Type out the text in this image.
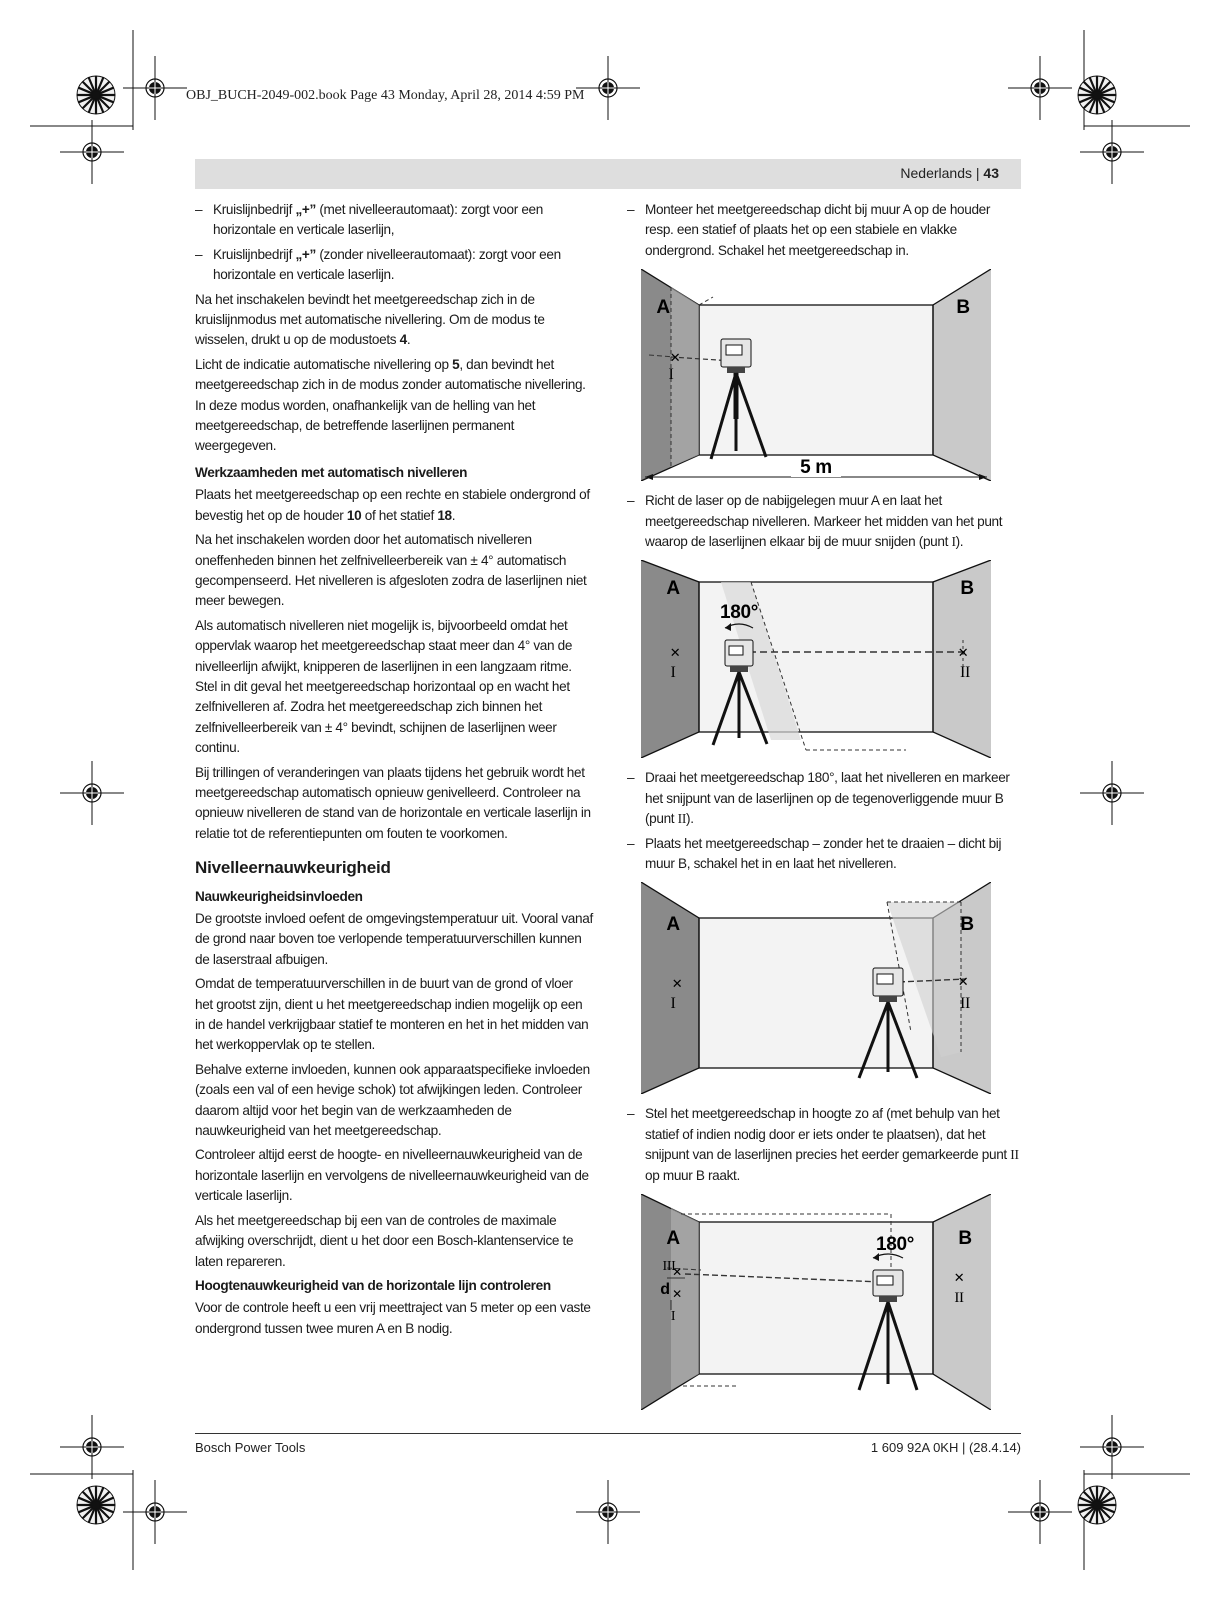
OBJ_BUCH-2049-002.book Page 43 Monday, April 28, 2014 4:59 PM
Nederlands | 43

– Kruislijnbedrijf „+” (met nivelleerautomaat): zorgt voor een horizontale en verticale laserlijn,

– Kruislijnbedrijf „+” (zonder nivelleerautomaat): zorgt voor een horizontale en verticale laserlijn.

Na het inschakelen bevindt het meetgereedschap zich in de kruislijnmodus met automatische nivellering. Om de modus te wisselen, drukt u op de modustoets 4.

Licht de indicatie automatische nivellering op 5, dan bevindt het meetgereedschap zich in de modus zonder automatische nivellering. In deze modus worden, onafhankelijk van de helling van het meetgereedschap, de betreffende laserlijnen permanent weergegeven.

Werkzaamheden met automatisch nivelleren

Plaats het meetgereedschap op een rechte en stabiele ondergrond of bevestig het op de houder 10 of het statief 18.

Na het inschakelen worden door het automatisch nivelleren oneffenheden binnen het zelfnivelleerbereik van ± 4° automatisch gecompenseerd. Het nivelleren is afgesloten zodra de laserlijnen niet meer bewegen.

Als automatisch nivelleren niet mogelijk is, bijvoorbeeld omdat het oppervlak waarop het meetgereedschap staat meer dan 4° van de nivelleerlijn afwijkt, knipperen de laserlijnen in een langzaam ritme. Stel in dit geval het meetgereedschap horizontaal op en wacht het zelfnivelleren af. Zodra het meetgereedschap zich binnen het zelfnivelleerbereik van ± 4° bevindt, schijnen de laserlijnen weer continu.

Bij trillingen of veranderingen van plaats tijdens het gebruik wordt het meetgereedschap automatisch opnieuw genivelleerd. Controleer na opnieuw nivelleren de stand van de horizontale en verticale laserlijn in relatie tot de referentiepunten om fouten te voorkomen.

Nivelleernauwkeurigheid
Nauwkeurigheidsinvloeden

De grootste invloed oefent de omgevingstemperatuur uit. Vooral vanaf de grond naar boven toe verlopende temperatuurverschillen kunnen de laserstraal afbuigen.

Omdat de temperatuurverschillen in de buurt van de grond of vloer het grootst zijn, dient u het meetgereedschap indien mogelijk op een in de handel verkrijgbaar statief te monteren en het in het midden van het werkoppervlak op te stellen.

Behalve externe invloeden, kunnen ook apparaatspecifieke invloeden (zoals een val of een hevige schok) tot afwijkingen leden. Controleer daarom altijd voor het begin van de werkzaamheden de nauwkeurigheid van het meetgereedschap.

Controleer altijd eerst de hoogte- en nivelleernauwkeurigheid van de horizontale laserlijn en vervolgens de nivelleernauwkeurigheid van de verticale laserlijn.

Als het meetgereedschap bij een van de controles de maximale afwijking overschrijdt, dient u het door een Bosch-klantenservice te laten repareren.

Hoogtenauwkeurigheid van de horizontale lijn controleren

Voor de controle heeft u een vrij meettraject van 5 meter op een vaste ondergrond tussen twee muren A en B nodig.

– Monteer het meetgereedschap dicht bij muur A op de houder resp. een statief of plaats het op een stabiele en vlakke ondergrond. Schakel het meetgereedschap in.

5 m
A	B
✕
I

– Richt de laser op de nabijgelegen muur A en laat het meetgereedschap nivelleren. Markeer het midden van het punt waarop de laserlijnen elkaar bij de muur snijden (punt I).

180°
A	B
✕
I
✕
II

– Draai het meetgereedschap 180°, laat het nivelleren en markeer het snijpunt van de laserlijnen op de tegenoverliggende muur B (punt II).

– Plaats het meetgereedschap – zonder het te draaien – dicht bij muur B, schakel het in en laat het nivelleren.

A	B
✕
I
✕
II

– Stel het meetgereedschap in hoogte zo af (met behulp van het statief of indien nodig door er iets onder te plaatsen), dat het snijpunt van de laserlijnen precies het eerder gemarkeerde punt II op muur B raakt.

180°
A	B
III
✕
d ✕
I
✕
II
Bosch Power Tools	1 609 92A 0KH | (28.4.14)
